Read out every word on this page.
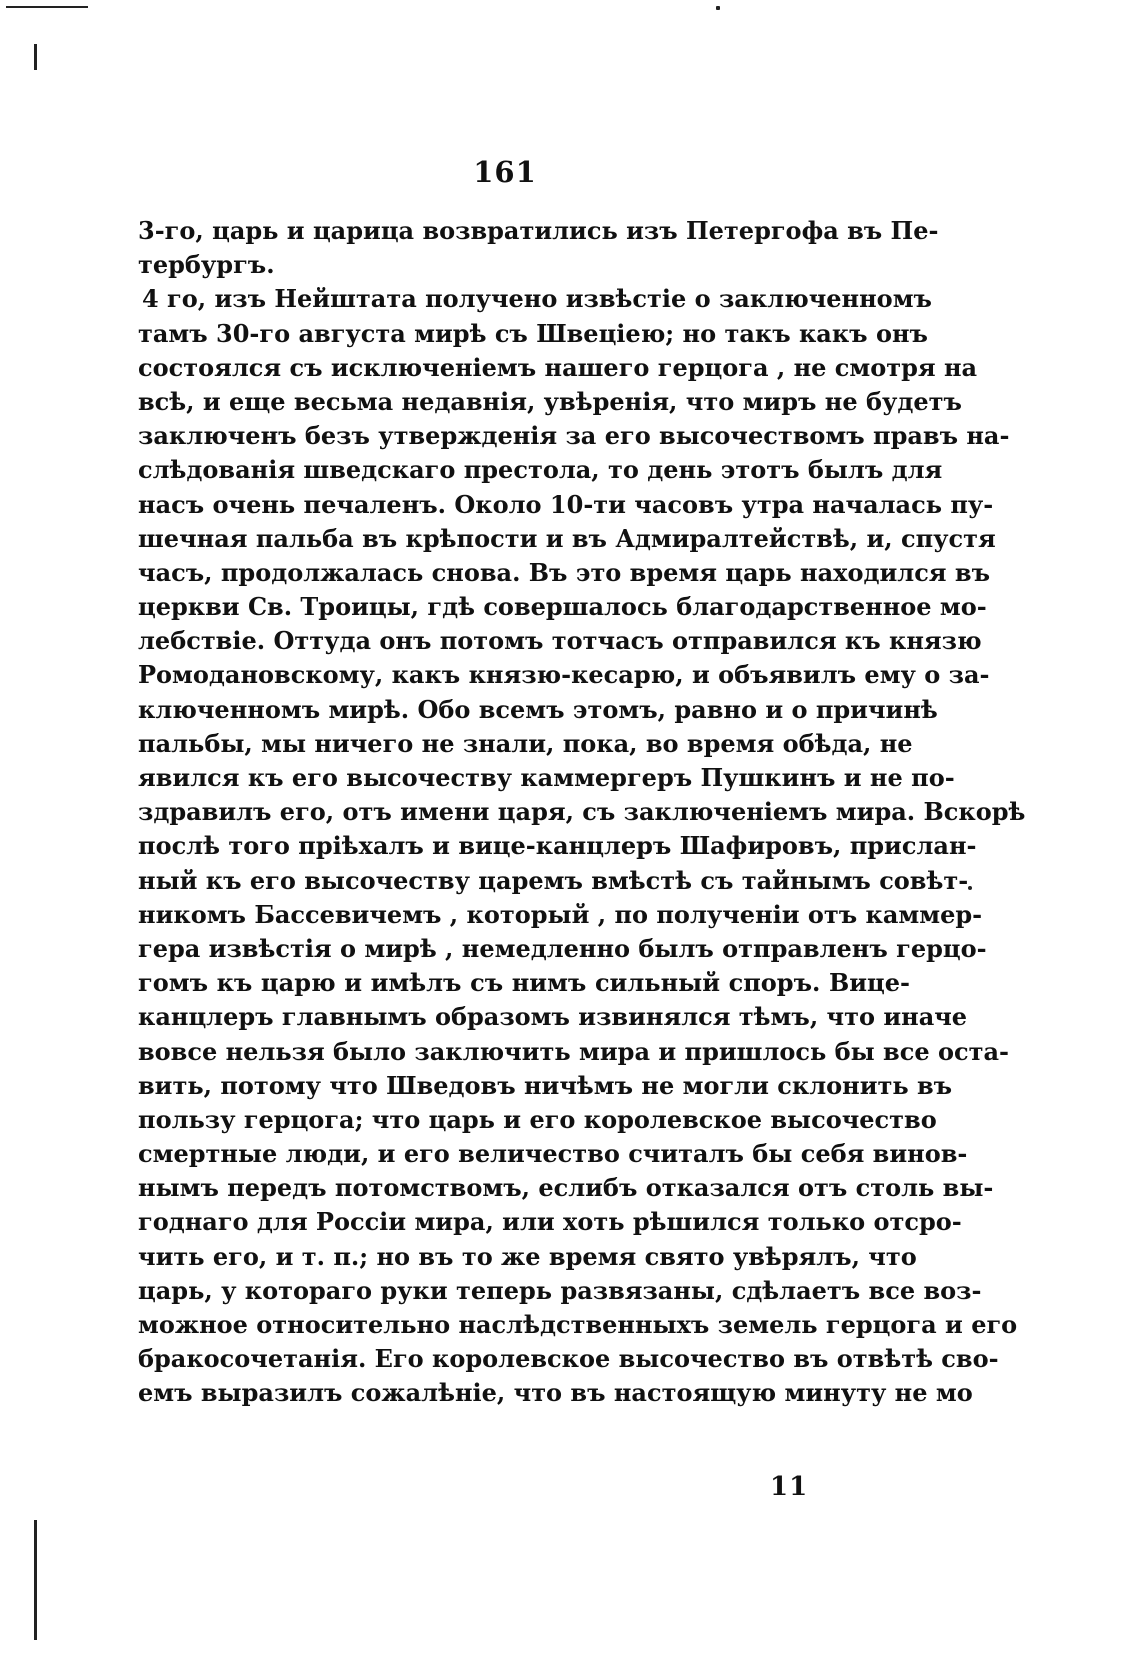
161
3-го, царь и царица возвратились изъ Петергофа въ Пе-
тербургъ.
4 го, изъ Нейштата получено извѣстіе о заключенномъ
тамъ 30-го августа мирѣ съ Швеціею; но такъ какъ онъ
состоялся съ исключеніемъ нашего герцога , не смотря на
всѣ, и еще весьма недавнія, увѣренія, что миръ не будетъ
заключенъ безъ утвержденія за его высочествомъ правъ на-
слѣдованія шведскаго престола, то день этотъ былъ для
насъ очень печаленъ. Около 10-ти часовъ утра началась пу-
шечная пальба въ крѣпости и въ Адмиралтействѣ, и, спустя
часъ, продолжалась снова. Въ это время царь находился въ
церкви Св. Троицы, гдѣ совершалось благодарственное мо-
лебствіе. Оттуда онъ потомъ тотчасъ отправился къ князю
Ромодановскому, какъ князю-кесарю, и объявилъ ему о за-
ключенномъ мирѣ. Обо всемъ этомъ, равно и о причинѣ
пальбы, мы ничего не знали, пока, во время обѣда, не
явился къ его высочеству каммергеръ Пушкинъ и не по-
здравилъ его, отъ имени царя, съ заключеніемъ мира. Вскорѣ
послѣ того пріѣхалъ и вице-канцлеръ Шафировъ, прислан-
ный къ его высочеству царемъ вмѣстѣ съ тайнымъ совѣт-
никомъ Бассевичемъ , который , по полученіи отъ каммер-
гера извѣстія о мирѣ , немедленно былъ отправленъ герцо-
гомъ къ царю и имѣлъ съ нимъ сильный споръ. Вице-
канцлеръ главнымъ образомъ извинялся тѣмъ, что иначе
вовсе нельзя было заключить мира и пришлось бы все оста-
вить, потому что Шведовъ ничѣмъ не могли склонить въ
пользу герцога; что царь и его королевское высочество
смертные люди, и его величество считалъ бы себя винов-
нымъ передъ потомствомъ, еслибъ отказался отъ столь вы-
годнаго для Россіи мира, или хоть рѣшился только отсро-
чить его, и т. п.; но въ то же время свято увѣрялъ, что
царь, у котораго руки теперь развязаны, сдѣлаетъ все воз-
можное относительно наслѣдственныхъ земель герцога и его
бракосочетанія. Его королевское высочество въ отвѣтѣ сво-
емъ выразилъ сожалѣніе, что въ настоящую минуту не мо
11
